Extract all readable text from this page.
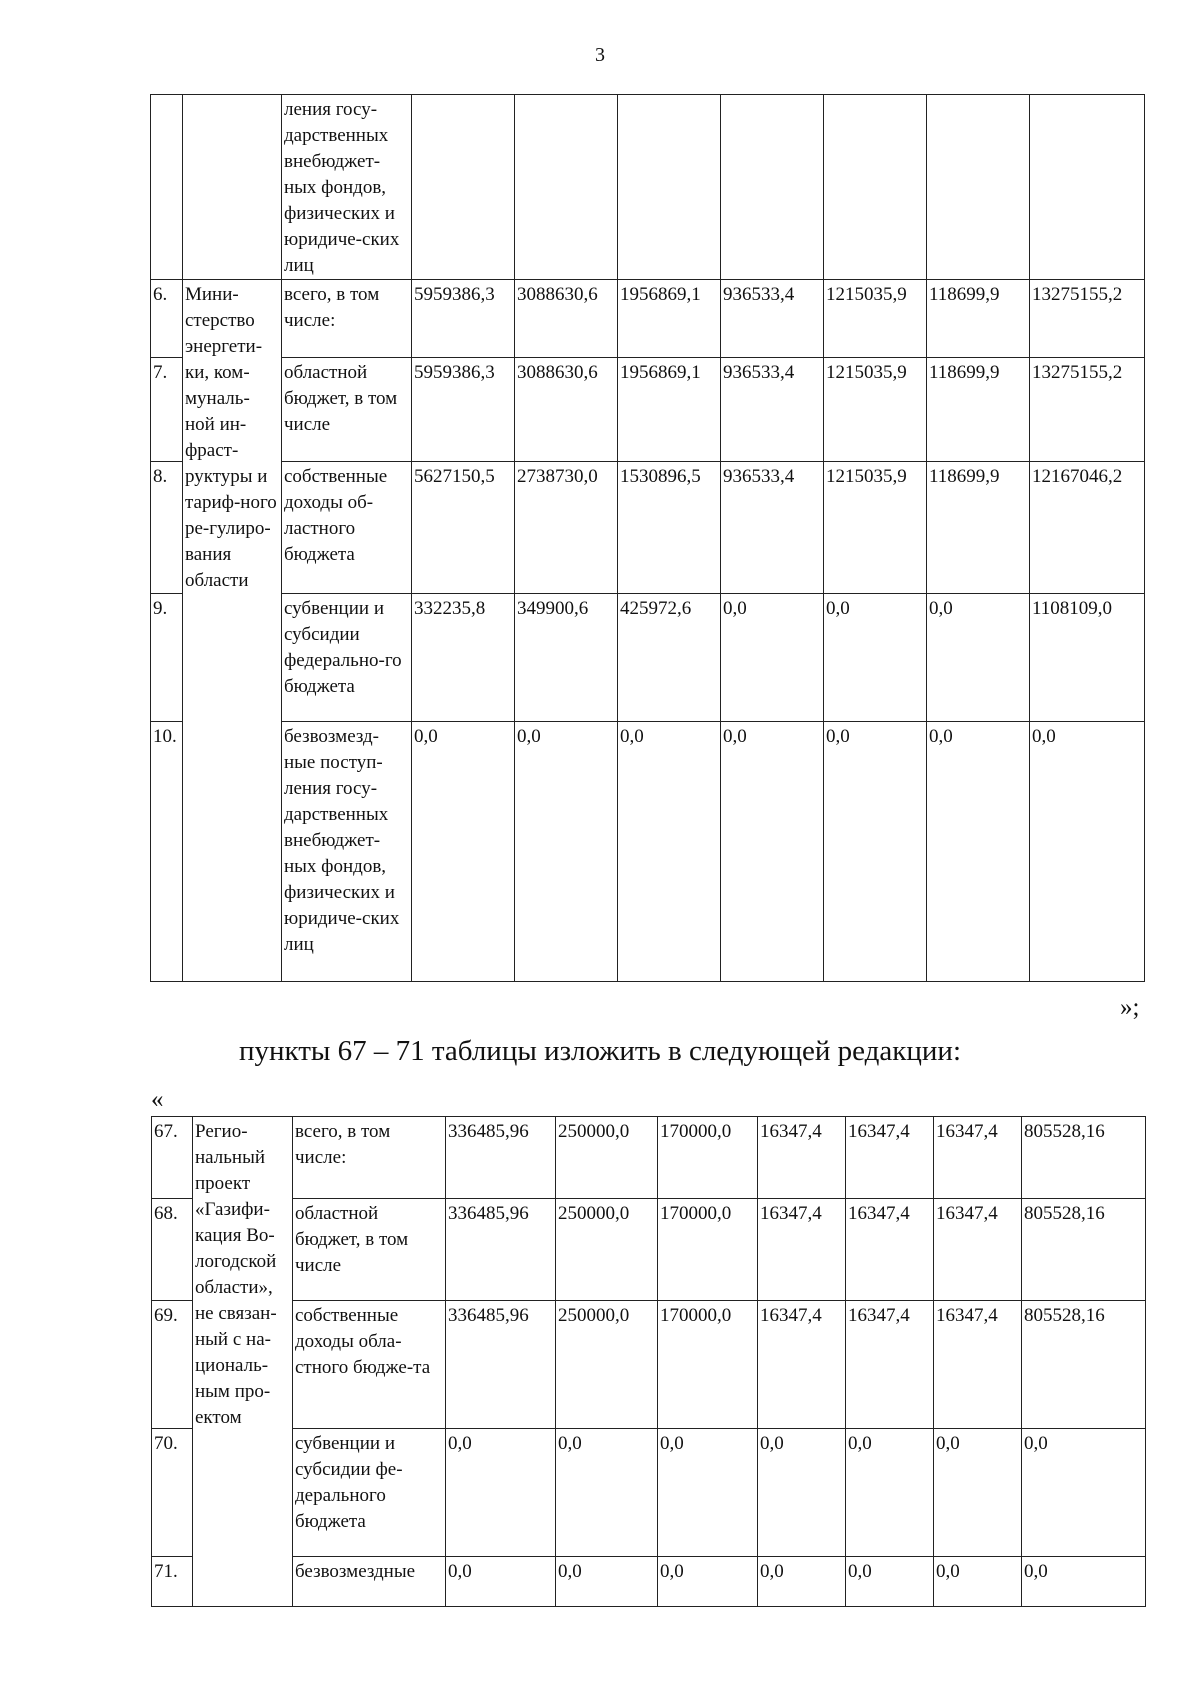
3
		ления госу-дарственных внебюджет-ных фондов, физических и юридиче-ских лиц							
6.	Мини-стерство энергети-ки, ком-муналь-ной ин-фраст-руктуры и тариф-ного ре-гулиро-вания области	всего, в том числе:	5959386,3	3088630,6	1956869,1	936533,4	1215035,9	118699,9	13275155,2
7.		областной бюджет, в том числе	5959386,3	3088630,6	1956869,1	936533,4	1215035,9	118699,9	13275155,2
8.		собственные доходы об-ластного бюджета	5627150,5	2738730,0	1530896,5	936533,4	1215035,9	118699,9	12167046,2
9.		субвенции и субсидии федерально-го бюджета	332235,8	349900,6	425972,6	0,0	0,0	0,0	1108109,0
10.		безвозмезд-ные поступ-ления госу-дарственных внебюджет-ных фондов, физических и юридиче-ских лиц	0,0	0,0	0,0	0,0	0,0	0,0	0,0
»;
пункты 67 – 71 таблицы изложить в следующей редакции:
«
67.	Регио-нальный проект «Газифи-кация Во-логодской области», не связан-ный с на-циональ-ным про-ектом	всего, в том числе:	336485,96	250000,0	170000,0	16347,4	16347,4	16347,4	805528,16
68.		областной бюджет, в том числе	336485,96	250000,0	170000,0	16347,4	16347,4	16347,4	805528,16
69.		собственные доходы обла-стного бюдже-та	336485,96	250000,0	170000,0	16347,4	16347,4	16347,4	805528,16
70.		субвенции и субсидии фе-дерального бюджета	0,0	0,0	0,0	0,0	0,0	0,0	0,0
71.		безвозмездные	0,0	0,0	0,0	0,0	0,0	0,0	0,0
